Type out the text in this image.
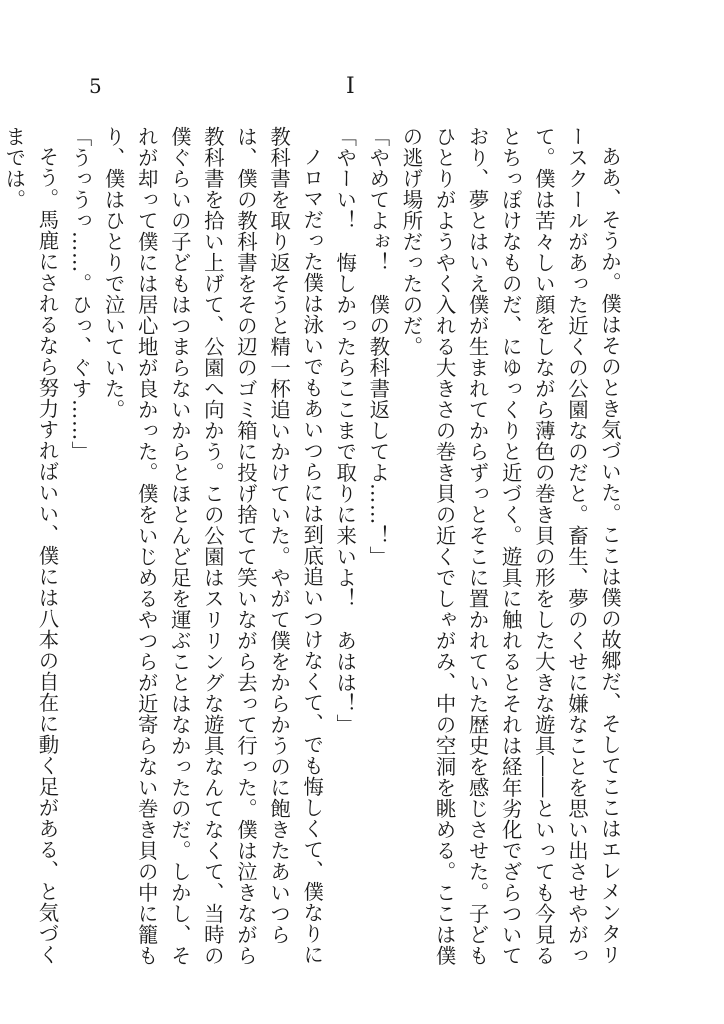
5	I

ああ、そうか。僕はそのとき気づいた。ここは僕の故郷だ、そしてここはエレメンタリースクールがあった近くの公園なのだと。畜生、夢のくせに嫌なことを思い出させやがって。僕は苦々しい顔をしながら薄色の巻き貝の形をした大きな遊具――といっても今見るとちっぽけなものだ、にゆっくりと近づく。遊具に触れるとそれは経年劣化でざらついており、夢とはいえ僕が生まれてからずっとそこに置かれていた歴史を感じさせた。子どもひとりがようやく入れる大きさの巻き貝の近くでしゃがみ、中の空洞を眺める。ここは僕の逃げ場所だったのだ。

「やめてよぉ！　僕の教科書返してよ……！」

「やーい！　悔しかったらここまで取りに来いよ！　あはは！」

ノロマだった僕は泳いでもあいつらには到底追いつけなくて、でも悔しくて、僕なりに教科書を取り返そうと精一杯追いかけていた。やがて僕をからかうのに飽きたあいつらは、僕の教科書をその辺のゴミ箱に投げ捨てて笑いながら去って行った。僕は泣きながら教科書を拾い上げて、公園へ向かう。この公園はスリリングな遊具なんてなくて、当時の僕ぐらいの子どもはつまらないからとほとんど足を運ぶことはなかったのだ。しかし、それが却って僕には居心地が良かった。僕をいじめるやつらが近寄らない巻き貝の中に籠もり、僕はひとりで泣いていた。

「うっうっ……。ひっ、ぐす……」

そう。馬鹿にされるなら努力すればいい、僕には八本の自在に動く足がある、と気づくまでは。
